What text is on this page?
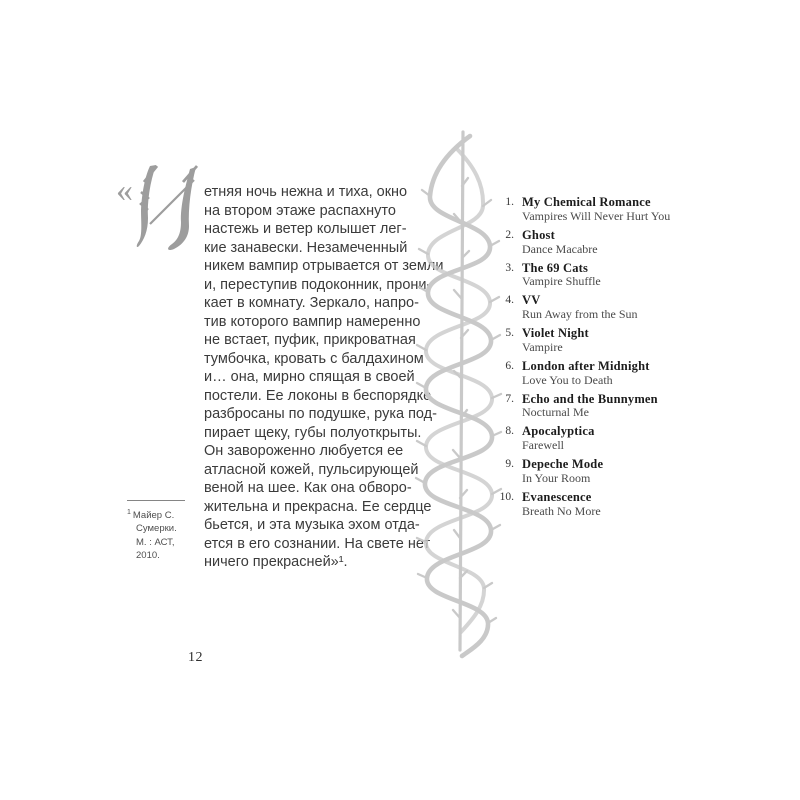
«	етняя ночь нежна и тиха, окно
на втором этаже распахнуто
настежь и ветер колышет лег-
кие занавески. Незамеченный
никем вампир отрывается от земли
и, переступив подоконник, прони-
кает в комнату. Зеркало, напро-
тив которого вампир намеренно
не встает, пуфик, прикроватная
тумбочка, кровать с балдахином
и… она, мирно спящая в своей
постели. Ее локоны в беспорядке
разбросаны по подушке, рука под-
пирает щеку, губы полуоткрыты.
Он завороженно любуется ее
атласной кожей, пульсирующей
веной на шее. Как она обворо-
жительна и прекрасна. Ее сердце
бьется, и эта музыка эхом отда-
ется в его сознании. На свете нет
ничего прекрасней»¹.
$^1$ Майер С.
Сумерки.
М. : АСТ,
2010.
12
1. My Chemical Romance
Vampires Will Never Hurt You
2. Ghost
Dance Macabre
3. The 69 Cats
Vampire Shuffle
4. VV
Run Away from the Sun
5. Violet Night
Vampire
6. London after Midnight
Love You to Death
7. Echo and the Bunnymen
Nocturnal Me
8. Apocalyptica
Farewell
9. Depeche Mode
In Your Room
10. Evanescence
Breath No More
